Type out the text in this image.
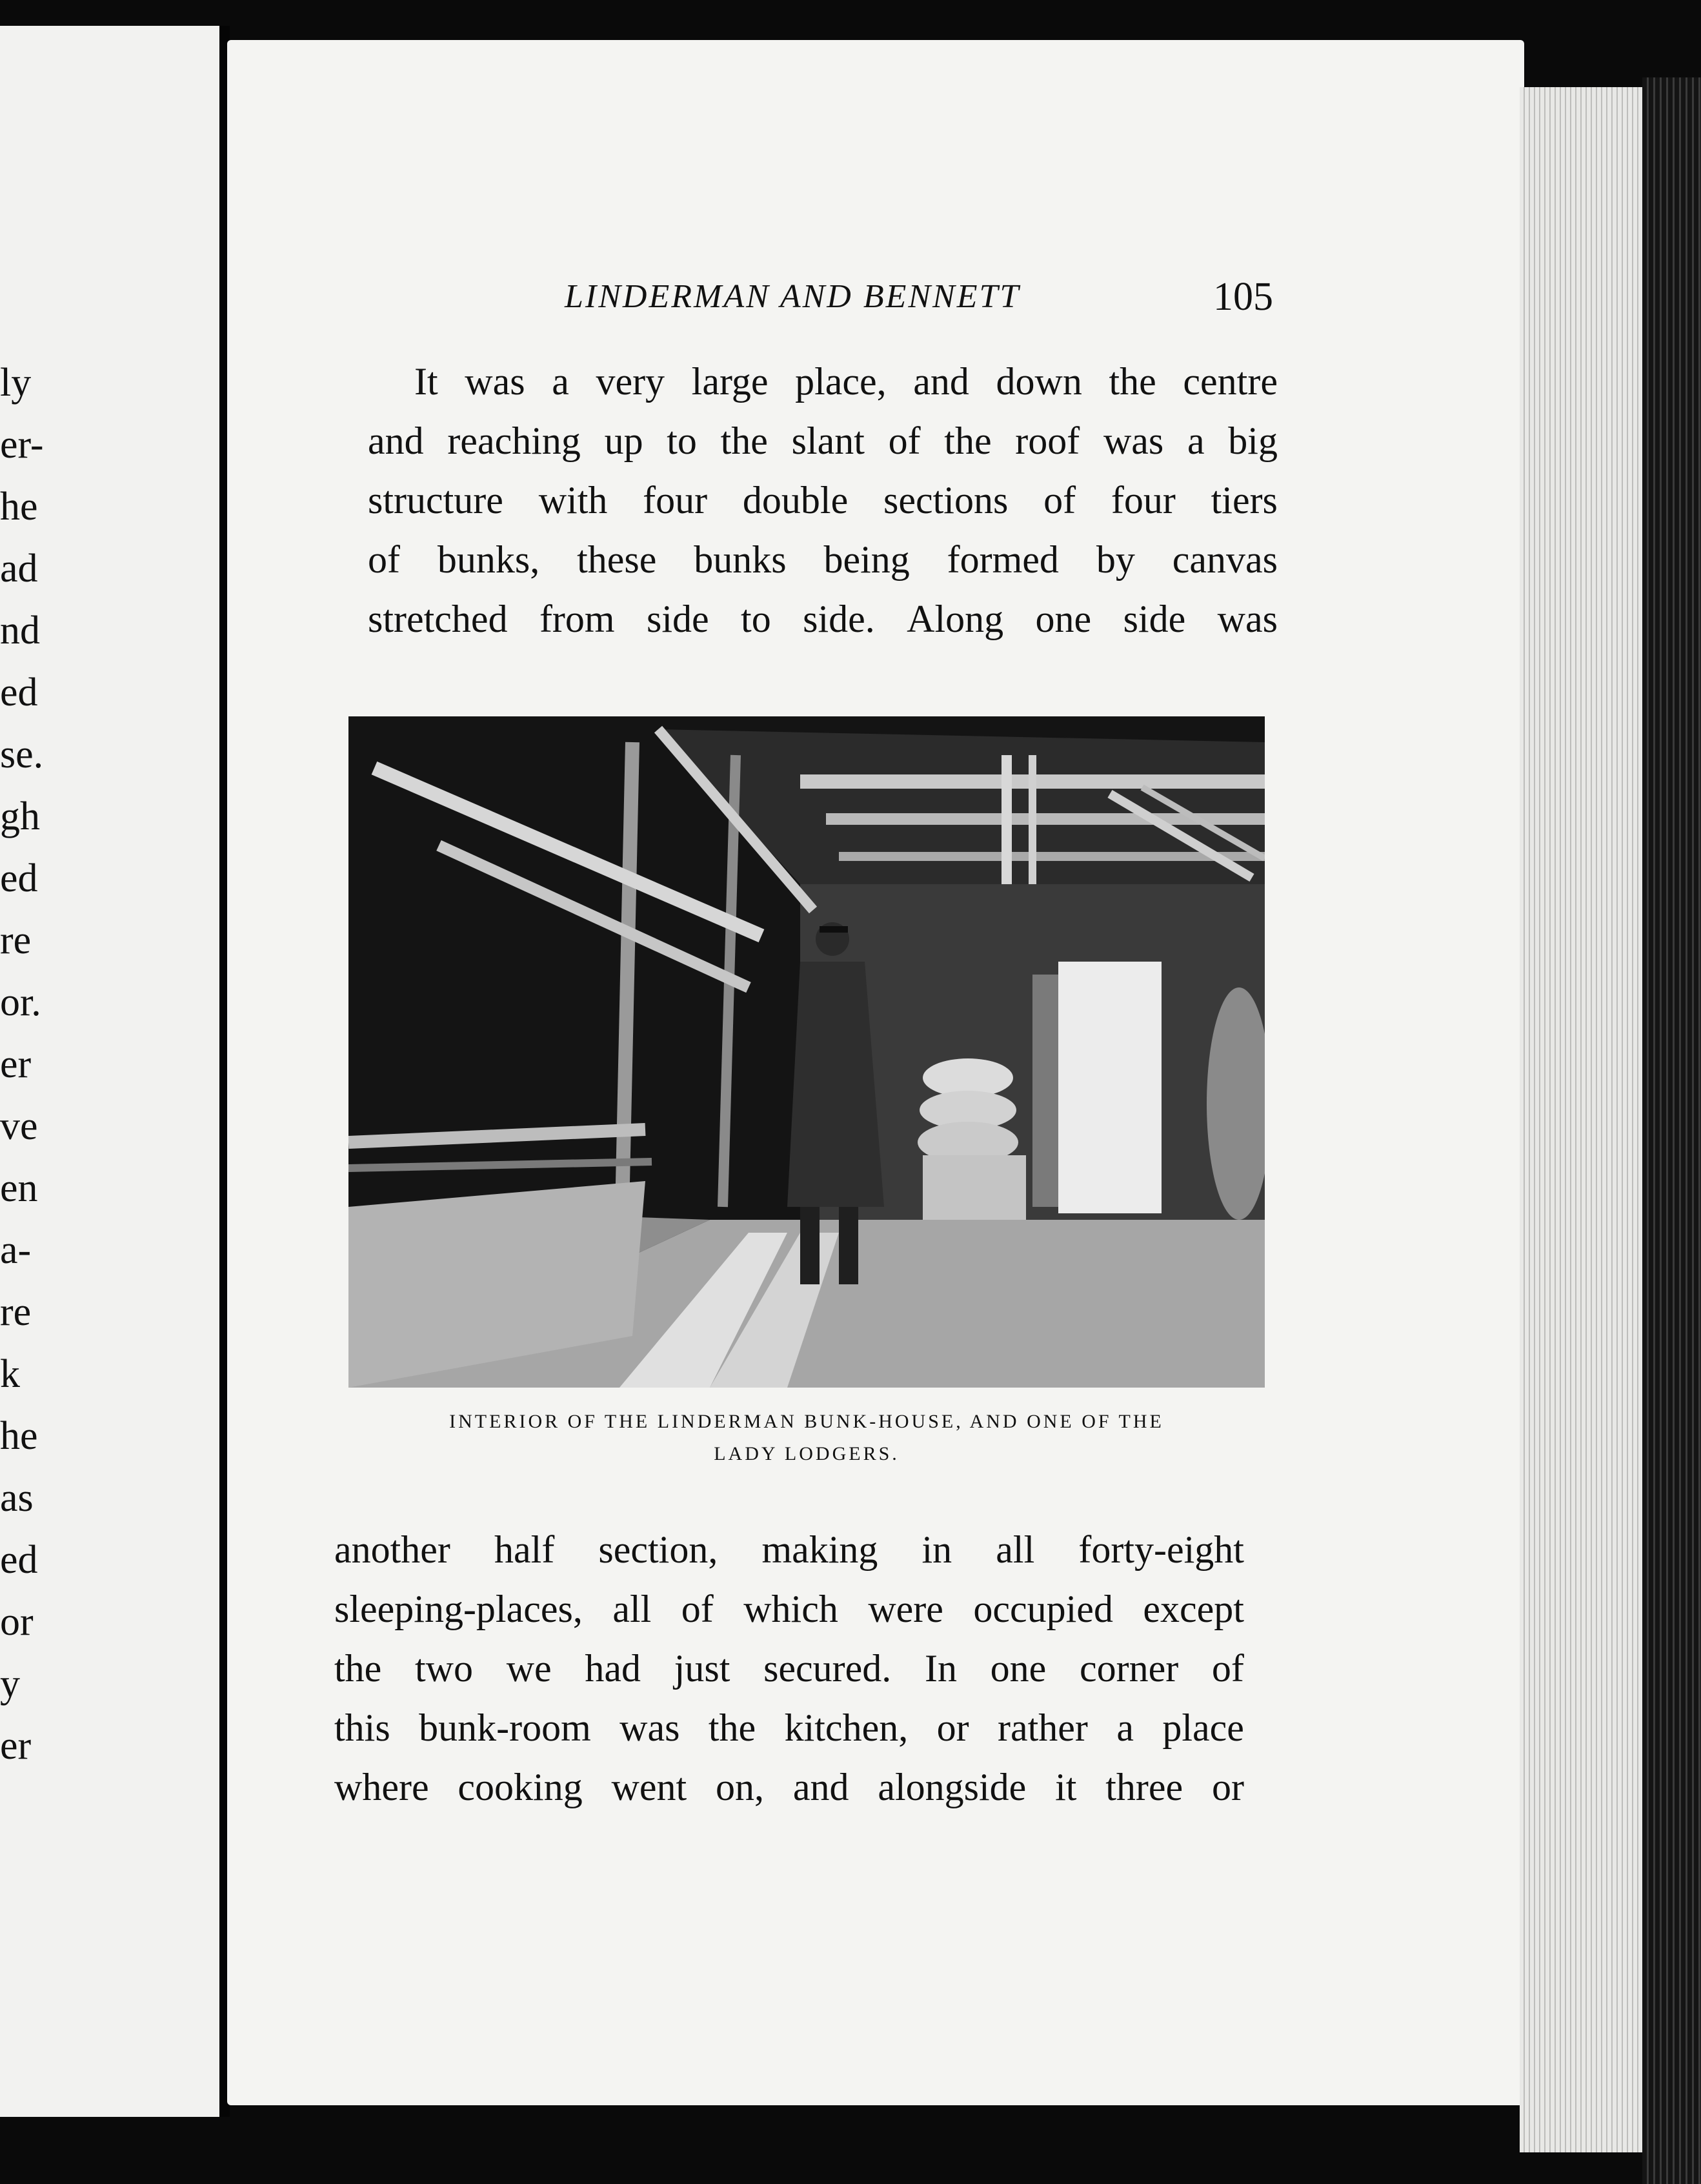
ly
er-
he
ad
nd
ed
se.
gh
ed
re
or.
er
ve
en
a-
re
k
he
as
ed
or
y
er
LINDERMAN AND BENNETT	105
It was a very large place, and down the centre
and reaching up to the slant of the roof was a big
structure with four double sections of four tiers
of bunks, these bunks being formed by canvas
stretched from side to side. Along one side was
INTERIOR OF THE LINDERMAN BUNK-HOUSE, AND ONE OF THE
LADY LODGERS.
another half section, making in all forty-eight
sleeping-places, all of which were occupied except
the two we had just secured. In one corner of
this bunk-room was the kitchen, or rather a place
where cooking went on, and alongside it three or
